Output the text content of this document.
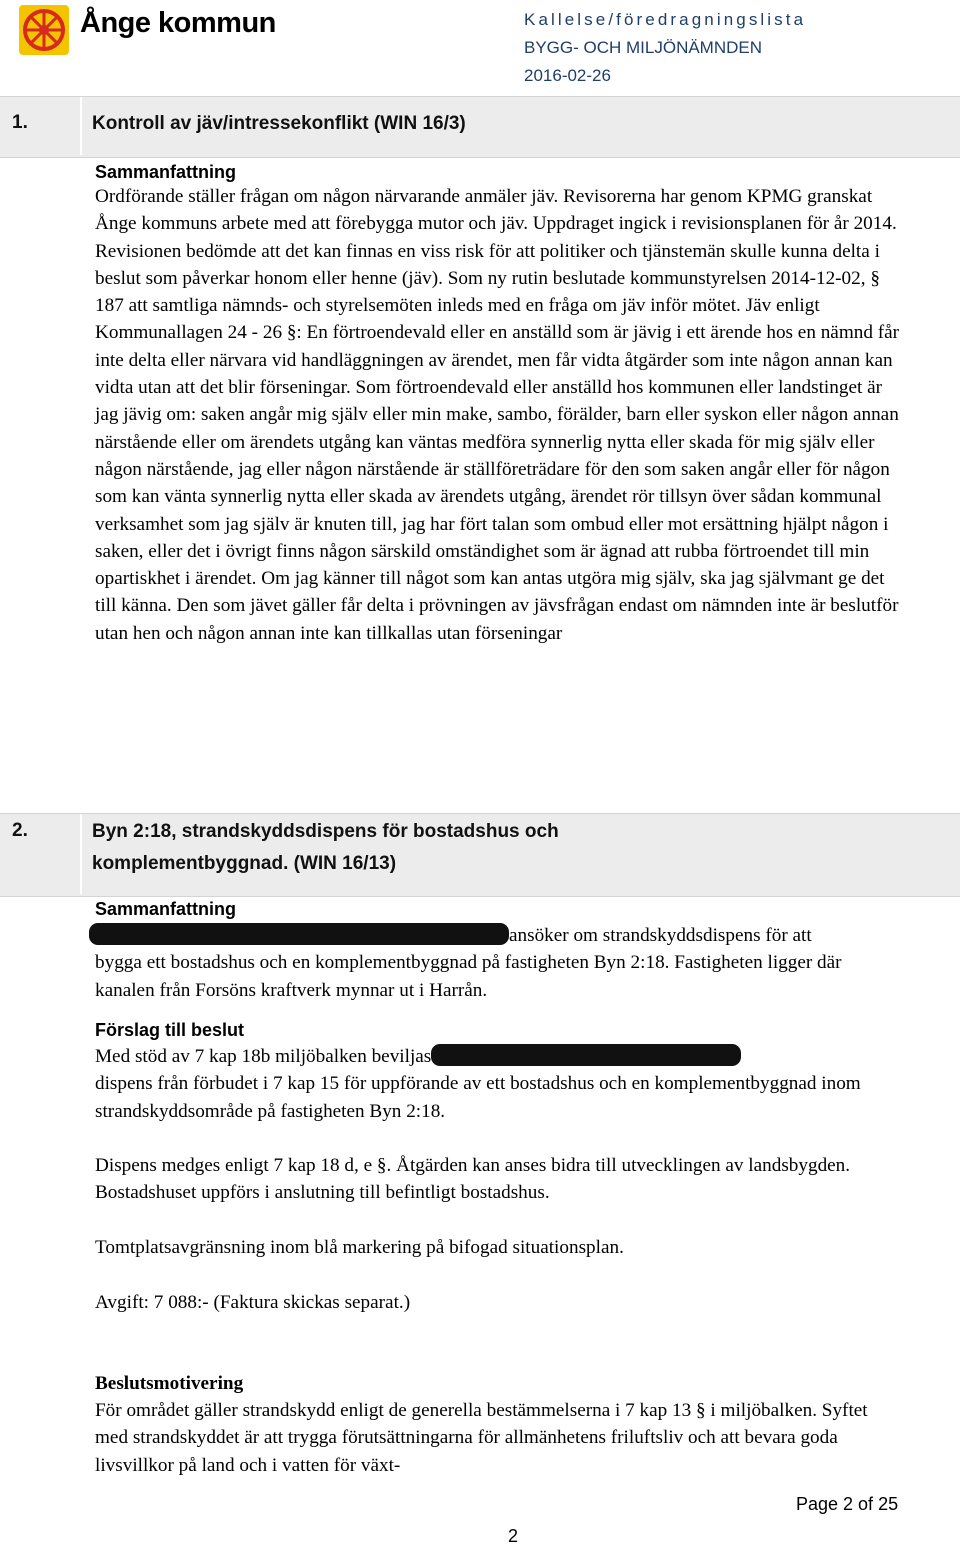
Ånge kommun	Kallelse/föredragningslista
BYGG- OCH MILJÖNÄMNDEN
2016-02-26
1.	Kontroll av jäv/intressekonflikt (WIN 16/3)
Sammanfattning

Ordförande ställer frågan om någon närvarande anmäler jäv. Revisorerna har genom KPMG granskat Ånge kommuns arbete med att förebygga mutor och jäv. Uppdraget ingick i revisionsplanen för år 2014. Revisionen bedömde att det kan finnas en viss risk för att politiker och tjänstemän skulle kunna delta i beslut som påverkar honom eller henne (jäv). Som ny rutin beslutade kommunstyrelsen 2014-12-02, § 187 att samtliga nämnds- och styrelsemöten inleds med en fråga om jäv inför mötet. Jäv enligt Kommunallagen 24 - 26 §: En förtroendevald eller en anställd som är jävig i ett ärende hos en nämnd får inte delta eller närvara vid handläggningen av ärendet, men får vidta åtgärder som inte någon annan kan vidta utan att det blir förseningar. Som förtroendevald eller anställd hos kommunen eller landstinget är jag jävig om: saken angår mig själv eller min make, sambo, förälder, barn eller syskon eller någon annan närstående eller om ärendets utgång kan väntas medföra synnerlig nytta eller skada för mig själv eller någon närstående, jag eller någon närstående är ställföreträdare för den som saken angår eller för någon som kan vänta synnerlig nytta eller skada av ärendets utgång, ärendet rör tillsyn över sådan kommunal verksamhet som jag själv är knuten till, jag har fört talan som ombud eller mot ersättning hjälpt någon i saken, eller det i övrigt finns någon särskild omständighet som är ägnad att rubba förtroendet till min opartiskhet i ärendet. Om jag känner till något som kan antas utgöra mig själv, ska jag självmant ge det till känna. Den som jävet gäller får delta i prövningen av jävsfrågan endast om nämnden inte är beslutför utan hen och någon annan inte kan tillkallas utan förseningar

2.	Byn 2:18, strandskyddsdispens för bostadshus och
komplementbyggnad. (WIN 16/13)
Sammanfattning

ansöker om strandskyddsdispens för att

bygga ett bostadshus och en komplementbyggnad på fastigheten Byn 2:18. Fastigheten ligger där kanalen från Forsöns kraftverk mynnar ut i Harrån.

Förslag till beslut

Med stöd av 7 kap 18b miljöbalken beviljas

dispens från förbudet i 7 kap 15 för uppförande av ett bostadshus och en komplementbyggnad inom strandskyddsområde på fastigheten Byn 2:18.

Dispens medges enligt 7 kap 18 d, e §. Åtgärden kan anses bidra till utvecklingen av landsbygden. Bostadshuset uppförs i anslutning till befintligt bostadshus.

Tomtplatsavgränsning inom blå markering på bifogad situationsplan.

Avgift: 7 088:- (Faktura skickas separat.)

Beslutsmotivering

För området gäller strandskydd enligt de generella bestämmelserna i 7 kap 13 § i miljöbalken. Syftet med strandskyddet är att trygga förutsättningarna för allmänhetens friluftsliv och att bevara goda livsvillkor på land och i vatten för växt-

Page 2 of 25
2
